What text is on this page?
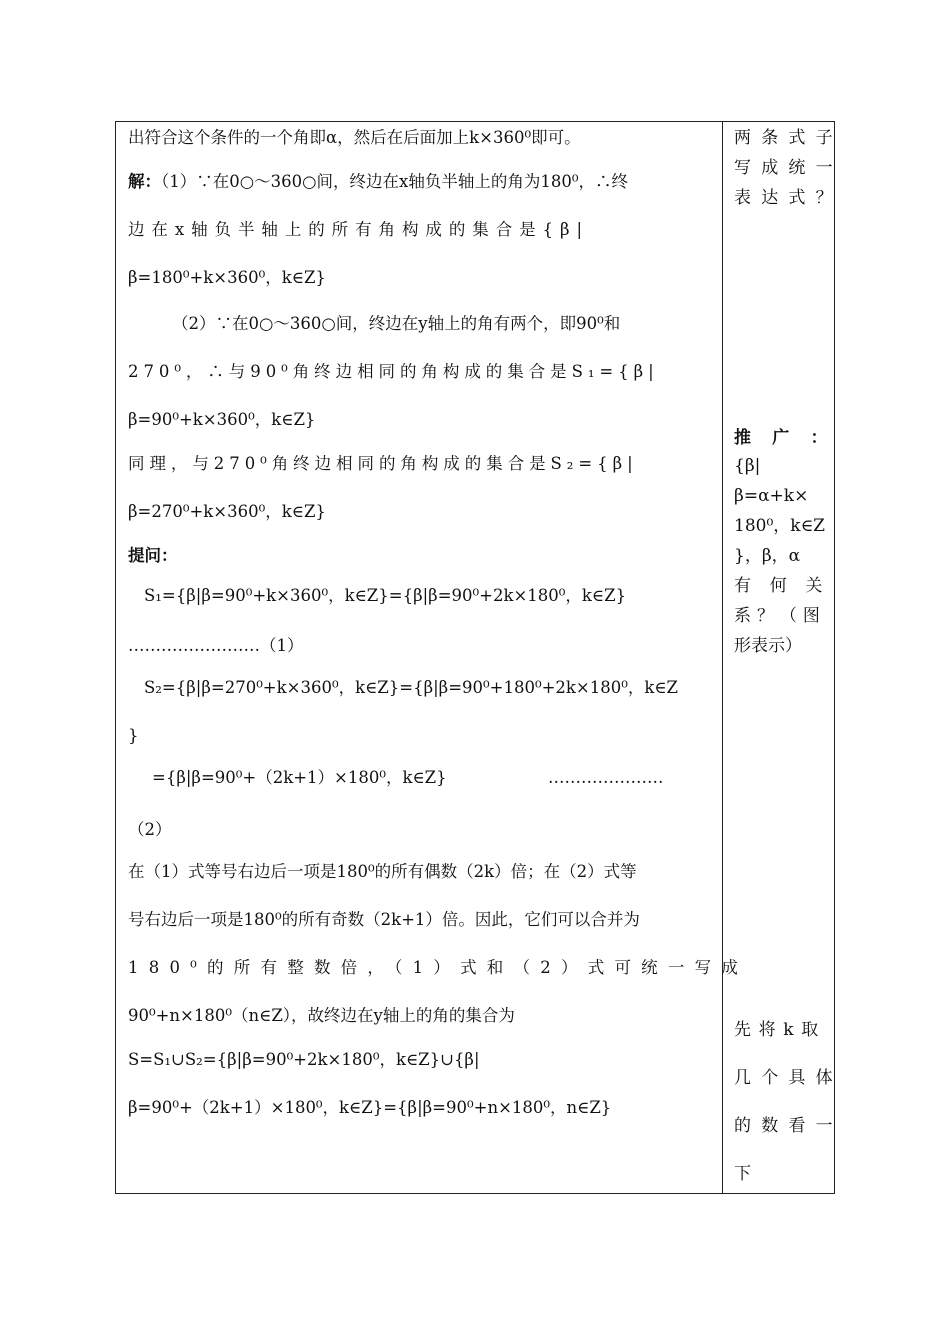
出符合这个条件的一个角即α，然后在后面加上k×360⁰即可。
解：（1）∵在0○～360○间，终边在x轴负半轴上的角为180⁰，∴终
边在x轴负半轴上的所有角构成的集合是{β|
β=180⁰+k×360⁰，k∈Z}
（2）∵在0○～360○间，终边在y轴上的角有两个，即90⁰和
270⁰，∴与90⁰角终边相同的角构成的集合是S₁={β|
β=90⁰+k×360⁰，k∈Z}
同理，与270⁰角终边相同的角构成的集合是S₂={β|
β=270⁰+k×360⁰，k∈Z}
提问：
S₁={β|β=90⁰+k×360⁰，k∈Z}={β|β=90⁰+2k×180⁰，k∈Z}
……………………（1）
S₂={β|β=270⁰+k×360⁰，k∈Z}={β|β=90⁰+180⁰+2k×180⁰，k∈Z
}
={β|β=90⁰+（2k+1）×180⁰，k∈Z}	…………………
（2）
在（1）式等号右边后一项是180⁰的所有偶数（2k）倍；在（2）式等
号右边后一项是180⁰的所有奇数（2k+1）倍。因此，它们可以合并为
180⁰的所有整数倍，（1）式和（2）式可统一写成
90⁰+n×180⁰（n∈Z），故终边在y轴上的角的集合为
S=S₁∪S₂={β|β=90⁰+2k×180⁰，k∈Z}∪{β|
β=90⁰+（2k+1）×180⁰，k∈Z}={β|β=90⁰+n×180⁰，n∈Z}
两条式子
写成统一
表达式？
推广：
{β|
β=α+k×
180⁰，k∈Z
}，β，α
有何关
系？（图
形表示）
先将k取
几个具体
的数看一
下
